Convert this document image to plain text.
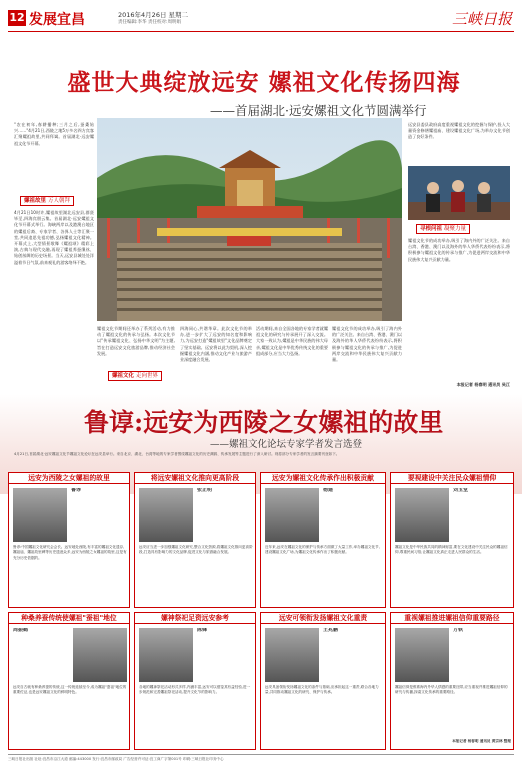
12 发展宜昌	2016年4月26日 星期二
责任编辑:李华 责任校对:周明娟	三峡日报
盛世大典绽放远安 嫘祖文化传扬四海
——首届湖北·远安嫘祖文化节圆满举行
"农在初年,春耕播种;三月之后,蚕桑始兴……"4月21日,西陵之地5万多名四方宾客汇聚嫘祖故里,共同拜谒。首届湖北·远安嫘祖文化节开幕。
嫘祖故里 万人朝拜
4月21日10时许,嫘祖故里湖北远安县,群贤毕至,四海宾朋云集。首届湖北·远安嫘祖文化节开幕式举行。海峡两岸以及港澳台地区的嫘祖后裔、专家学者、各界人士等汇聚一堂,共同追思先祖功德,弘扬嫘祖文化精神。开幕式上,大型情景歌舞《嫘祖颂》精彩上演,古典与现代交融,再现了嫘祖养蚕缫丝、始创丝绸的历史场景。当天,远安县城处处洋溢着节日气氛,前来观礼的游客络绎不绝。
嫘祖文化节期间还举办了系列活动,有力推动了嫘祖文化的传承与弘扬。本次文化节以"传承嫘祖文化、弘扬中华文明"为主题,旨在打造远安文化旅游品牌,推动经济社会发展。
嫘祖文化 走向世界
四海同心,共谱华章。此次文化节的举办,进一步扩大了远安的知名度和影响力,为远安打造"嫘祖故里"文化品牌奠定了坚实基础。远安将以此为契机,深入挖掘嫘祖文化内涵,推动文化产业与旅游产业深度融合发展。
活动期间,来自全国各地的专家学者就嫘祖文化的研究与传承展开了深入交流。大家一致认为,嫘祖是中华民族的伟大母亲,嫘祖文化是中华优秀传统文化的重要组成部分,应当大力弘扬。
嫘祖文化节的成功举办,吸引了海内外的广泛关注。来自台湾、香港、澳门以及海外的华人华侨代表纷纷表示,将积极参与嫘祖文化的传承与推广,为促进两岸交流和中华民族伟大复兴贡献力量。
远安县委县政府高度重视嫘祖文化的挖掘与保护,投入大量资金修缮嫘祖庙、建设嫘祖文化广场,为举办文化节创造了良好条件。
寻根问祖 凝聚力量
嫘祖文化节的成功举办,吸引了海内外的广泛关注。来自台湾、香港、澳门以及海外的华人华侨代表纷纷表示,将积极参与嫘祖文化的传承与推广,为促进两岸交流和中华民族伟大复兴贡献力量。
本报记者 杨春明 通讯员 吴江
鲁谆:远安为西陵之女嫘祖的故里
——嫘祖文化论坛专家学者发言选登
4月21日,首届湖北·远安嫘祖文化节嫘祖文化论坛在远安县举行。来自北京、湖北、台湾等地的专家学者围绕嫘祖文化的历史渊源、传承发展等主题进行了深入研讨。现将部分专家学者的发言摘要刊登如下。
远安为西陵之女嫘祖的故里
鲁谆
鲁谆:中国嫘祖文化研究会会长。远安地处西陵,有丰富的嫘祖文化遗存,嫘祖庙、嫘祖故里碑等历史遗迹众多,远安为西陵之女嫘祖的故里,这是有充分历史依据的。
将远安嫘祖文化推向更高阶段
张正明
远安应当进一步加强嫘祖文化研究,整合文化资源,将嫘祖文化推向更高阶段,打造具有影响力的文化品牌,促进文化与旅游融合发展。
远安为嫘祖文化传承作出积极贡献
杨建
近年来,远安在嫘祖文化的保护与传承方面做了大量工作,举办嫘祖文化节,建设嫘祖文化广场,为嫘祖文化传承作出了积极贡献。
要视建设中关注民众嫘祖情仰
刘玉堂
嫘祖文化是中华民族共同的精神财富,要在文化建设中关注民众的嫘祖信仰,尊重民间习俗,让嫘祖文化真正走进人民群众的生活。
种桑养蚕传统使嫘祖"蚕祖"地位
周振鹤
远安自古就有种桑养蚕的传统,这一传统延续至今,成为嫘祖"蚕祖"地位的重要佐证,也是远安嫘祖文化的鲜明特色。
嫘神祭祀足资远安参考
陈锋
各地的嫘神祭祀活动形式多样,内涵丰富,远安可以借鉴其有益经验,进一步规范和完善嫘祖祭祀活动,提升文化节的影响力。
远安可领衔发扬嫘祖文化重责
王兆鹏
远安具备领衔发扬嫘祖文化的条件与基础,应承担起这一重责,联合各地力量,共同推动嫘祖文化的研究、保护与传承。
重视嫘祖推进嫘祖信仰重要路径
方铁
嫘祖信仰是维系海内外华人情感的重要纽带,应当重视并推进嫘祖信仰的研究与传播,探索文化传承的重要路径。
本报记者 杨春明 通讯员 黄宗林 整理
三峡日报社出版 社址:宜昌市沿江大道 邮编:443000 发行:宜昌市邮政局 广告经营许可证:宜工商广字第001号 印刷:三峡日报社印务中心
